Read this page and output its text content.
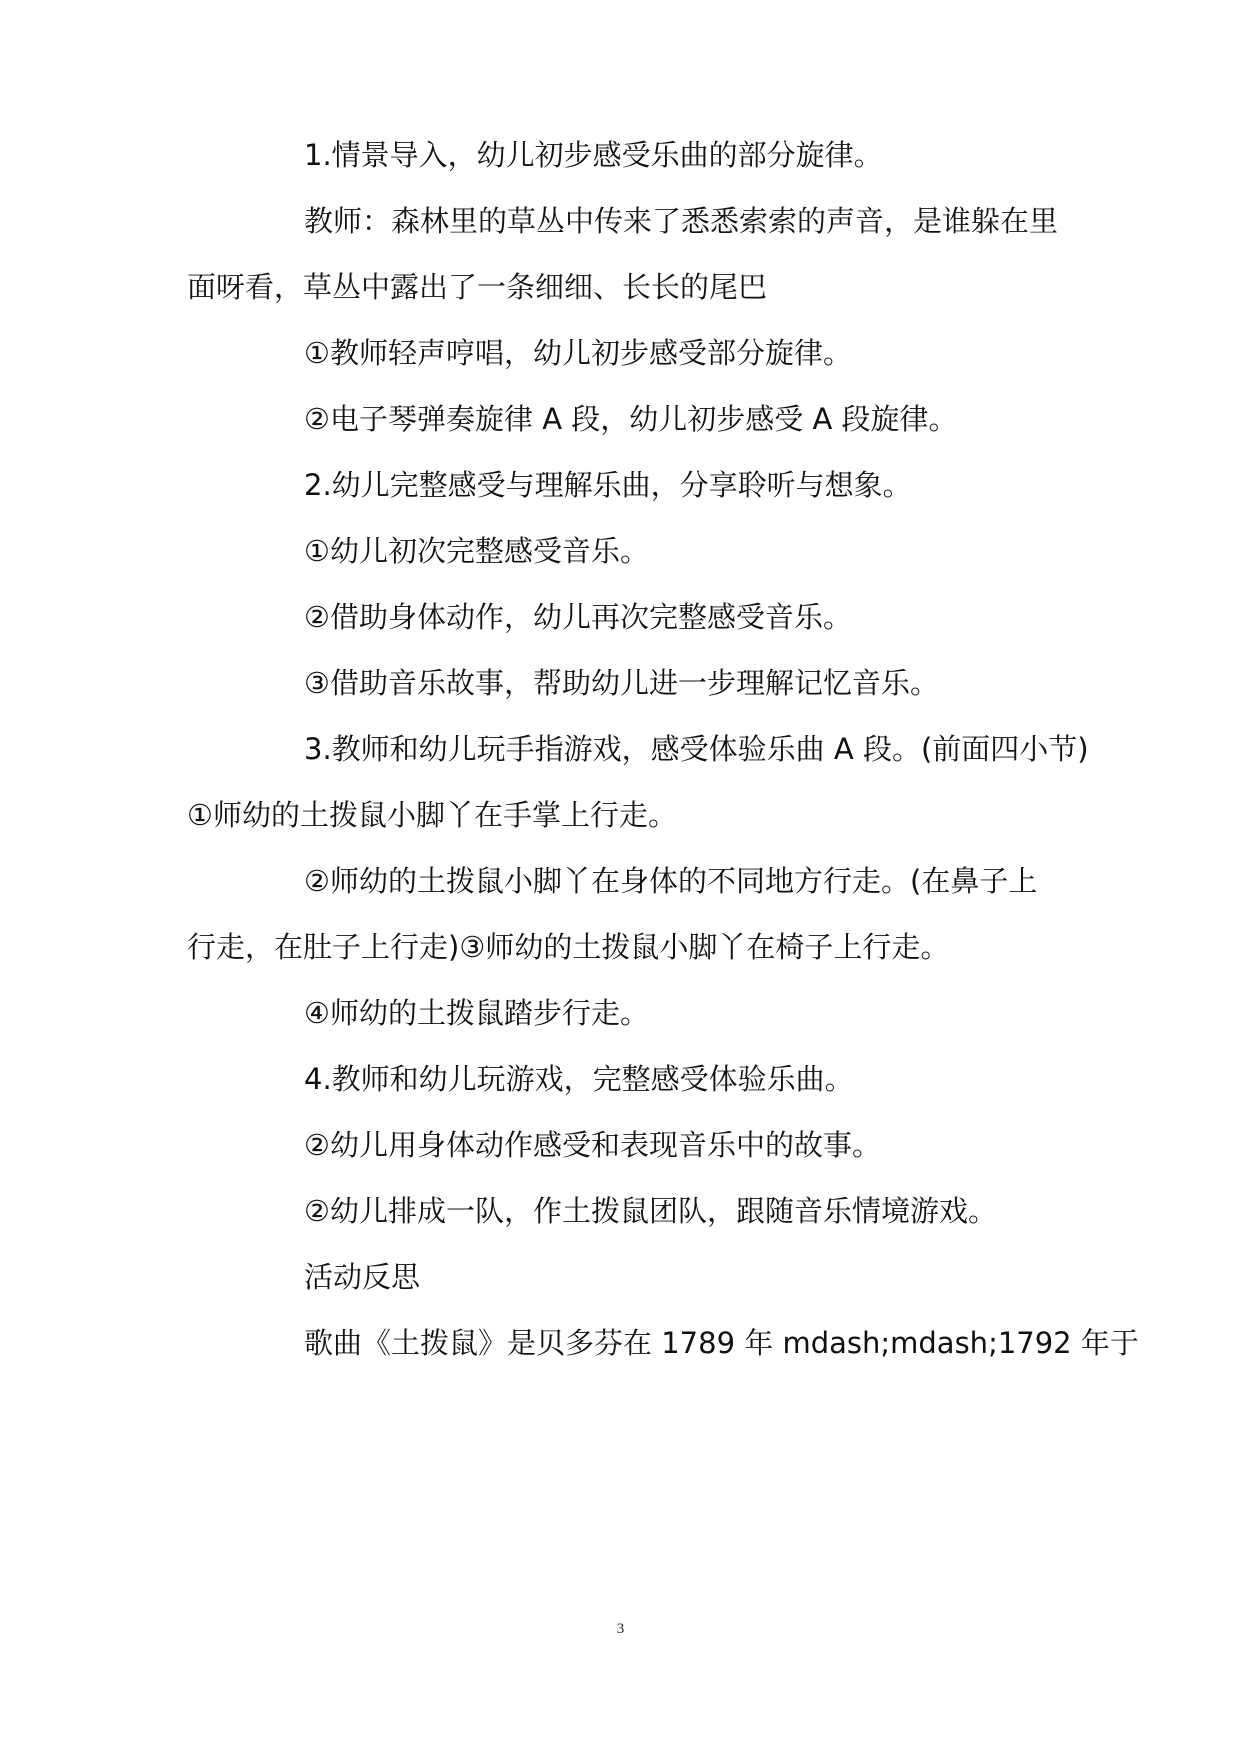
1.情景导入，幼儿初步感受乐曲的部分旋律。
教师：森林里的草丛中传来了悉悉索索的声音，是谁躲在里
面呀看，草丛中露出了一条细细、长长的尾巴
①教师轻声哼唱，幼儿初步感受部分旋律。
②电子琴弹奏旋律 A 段，幼儿初步感受 A 段旋律。
2.幼儿完整感受与理解乐曲，分享聆听与想象。
①幼儿初次完整感受音乐。
②借助身体动作，幼儿再次完整感受音乐。
③借助音乐故事，帮助幼儿进一步理解记忆音乐。
3.教师和幼儿玩手指游戏，感受体验乐曲 A 段。(前面四小节)
①师幼的土拨鼠小脚丫在手掌上行走。
②师幼的土拨鼠小脚丫在身体的不同地方行走。(在鼻子上
行走，在肚子上行走)③师幼的土拨鼠小脚丫在椅子上行走。
④师幼的土拨鼠踏步行走。
4.教师和幼儿玩游戏，完整感受体验乐曲。
②幼儿用身体动作感受和表现音乐中的故事。
②幼儿排成一队，作土拨鼠团队，跟随音乐情境游戏。
活动反思
歌曲《土拨鼠》是贝多芬在 1789 年 mdash;mdash;1792 年于
3
